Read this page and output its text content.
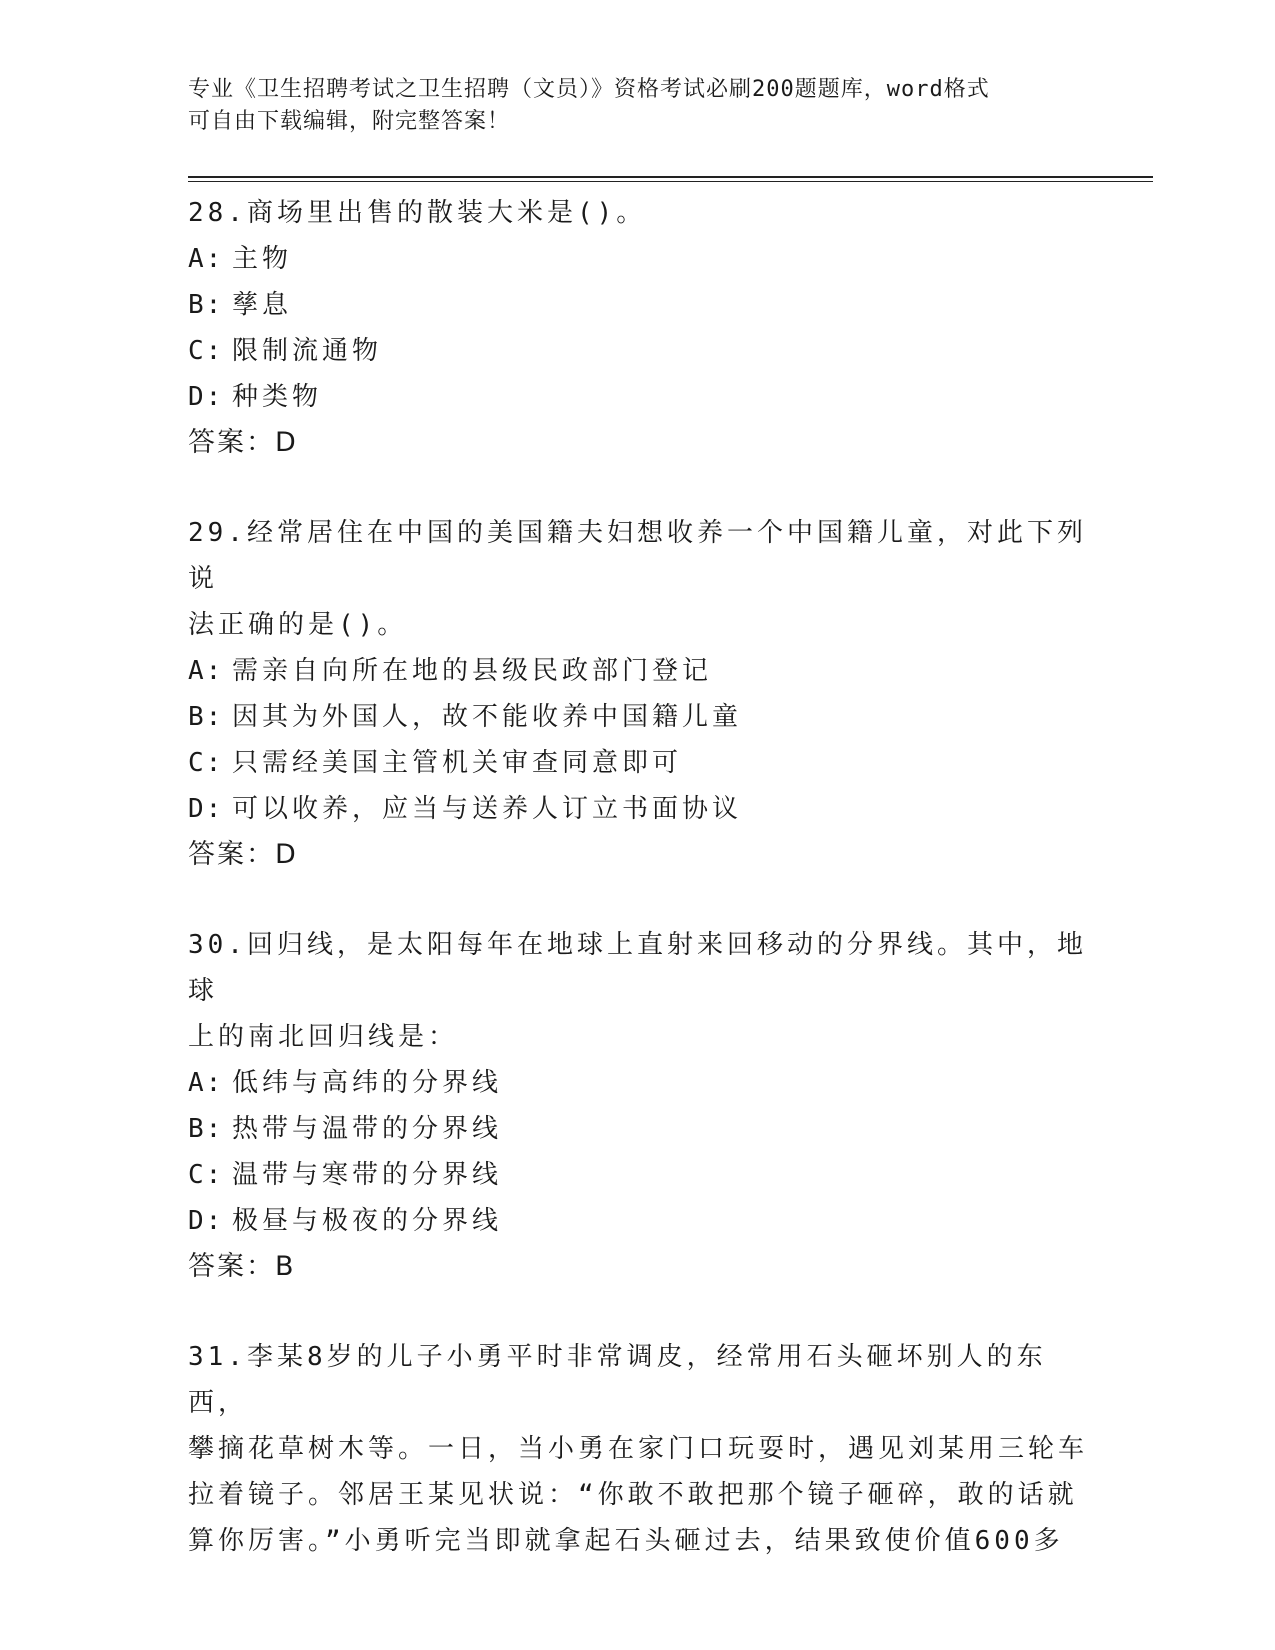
专业《卫生招聘考试之卫生招聘（文员）》资格考试必刷200题题库，word格式
可自由下载编辑，附完整答案！
28.商场里出售的散装大米是()。
A: 主物
B: 孳息
C: 限制流通物
D: 种类物
答案：D
29.经常居住在中国的美国籍夫妇想收养一个中国籍儿童，对此下列说
法正确的是()。
A: 需亲自向所在地的县级民政部门登记
B: 因其为外国人，故不能收养中国籍儿童
C: 只需经美国主管机关审查同意即可
D: 可以收养，应当与送养人订立书面协议
答案：D
30.回归线，是太阳每年在地球上直射来回移动的分界线。其中，地球
上的南北回归线是：
A: 低纬与高纬的分界线
B: 热带与温带的分界线
C: 温带与寒带的分界线
D: 极昼与极夜的分界线
答案：B
31.李某8岁的儿子小勇平时非常调皮，经常用石头砸坏别人的东西，
攀摘花草树木等。一日，当小勇在家门口玩耍时，遇见刘某用三轮车
拉着镜子。邻居王某见状说：“你敢不敢把那个镜子砸碎，敢的话就
算你厉害。”小勇听完当即就拿起石头砸过去，结果致使价值600多
